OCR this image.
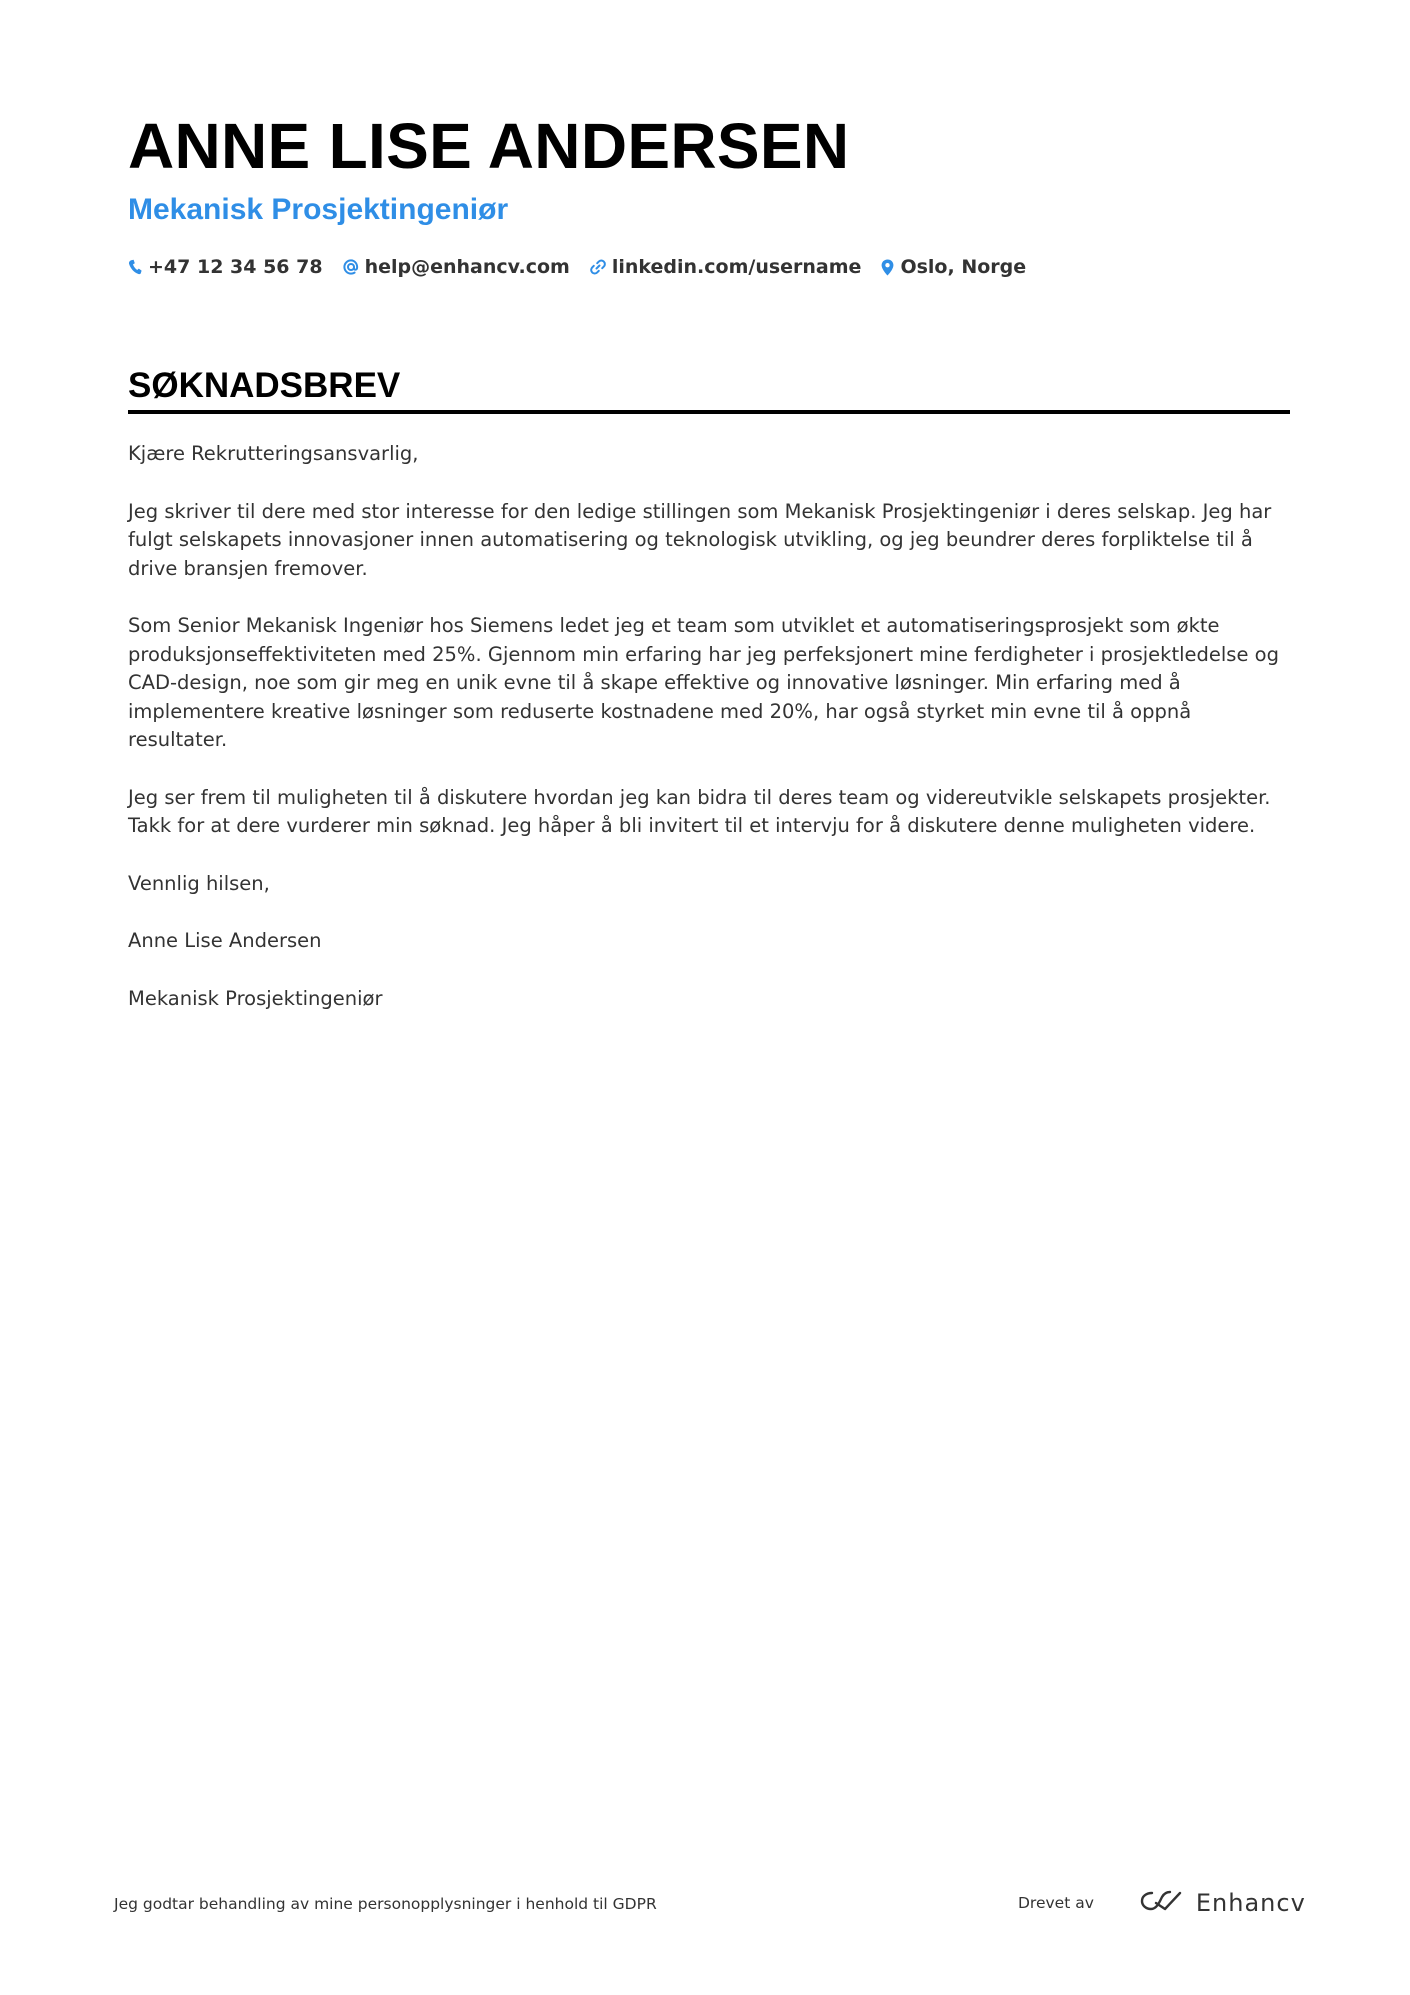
ANNE LISE ANDERSEN
Mekanisk Prosjektingeniør
+47 12 34 56 78 help@enhancv.com linkedin.com/username Oslo, Norge
SØKNADSBREV

Kjære Rekrutteringsansvarlig,

Jeg skriver til dere med stor interesse for den ledige stillingen som Mekanisk Prosjektingeniør i deres selskap. Jeg har fulgt selskapets innovasjoner innen automatisering og teknologisk utvikling, og jeg beundrer deres forpliktelse til å drive bransjen fremover.

Som Senior Mekanisk Ingeniør hos Siemens ledet jeg et team som utviklet et automatiseringsprosjekt som økte produksjonseffektiviteten med 25%. Gjennom min erfaring har jeg perfeksjonert mine ferdigheter i prosjektledelse og CAD-design, noe som gir meg en unik evne til å skape effektive og innovative løsninger. Min erfaring med å implementere kreative løsninger som reduserte kostnadene med 20%, har også styrket min evne til å oppnå resultater.

Jeg ser frem til muligheten til å diskutere hvordan jeg kan bidra til deres team og videreutvikle selskapets prosjekter. Takk for at dere vurderer min søknad. Jeg håper å bli invitert til et intervju for å diskutere denne muligheten videre.

Vennlig hilsen,

Anne Lise Andersen

Mekanisk Prosjektingeniør

Jeg godtar behandling av mine personopplysninger i henhold til GDPR	Drevet av	Enhancv
